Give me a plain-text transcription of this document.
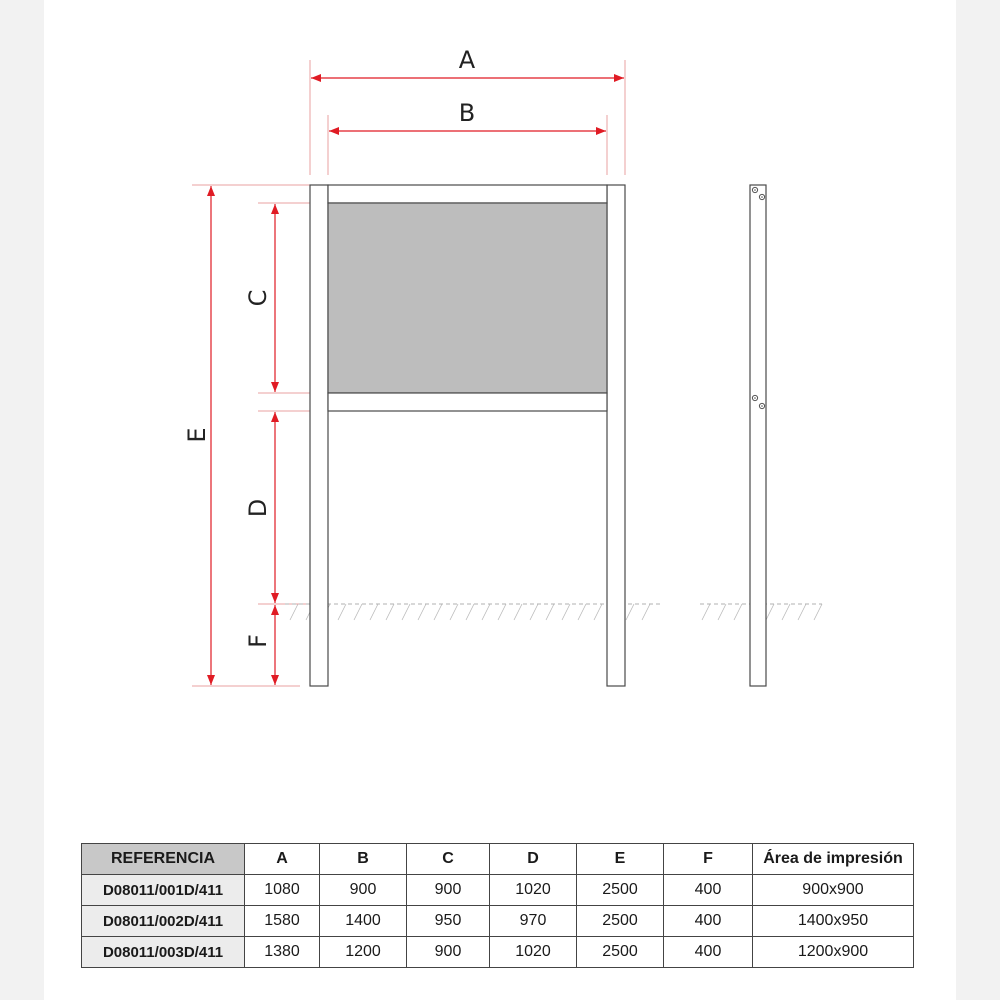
A
B
E
C
D
F
REFERENCIA	A	B	C	D	E	F	Área de impresión
D08011/001D/411	1080	900	900	1020	2500	400	900x900
D08011/002D/411	1580	1400	950	970	2500	400	1400x950
D08011/003D/411	1380	1200	900	1020	2500	400	1200x900
